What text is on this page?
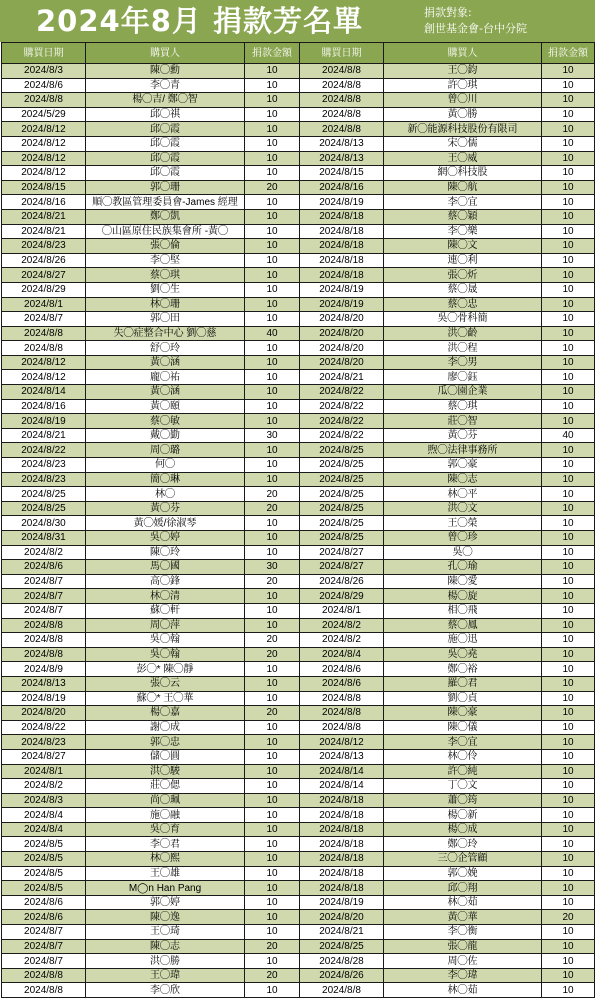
2024年8月 捐款芳名單	捐款對象:
創世基金會-台中分院
購買日期	購買人	捐款金額	購買日期	購買人	捐款金額
2024/8/3	陳◯勳	10	2024/8/8	王◯鈞	10
2024/8/6	李◯青	10	2024/8/8	許◯琪	10
2024/8/8	楊◯吉/ 鄭◯智	10	2024/8/8	曾◯川	10
2024/5/29	邱◯祺	10	2024/8/8	黃◯勝	10
2024/8/12	邱◯霞	10	2024/8/8	新◯能源科技股份有限司	10
2024/8/12	邱◯霞	10	2024/8/13	宋◯儒	10
2024/8/12	邱◯霞	10	2024/8/13	王◯威	10
2024/8/12	邱◯霞	10	2024/8/15	網◯科技股	10
2024/8/15	郭◯珊	20	2024/8/16	陳◯航	10
2024/8/16	順◯教區管理委員會-James 經理	10	2024/8/19	李◯宜	10
2024/8/21	鄭◯凱	10	2024/8/18	蔡◯穎	10
2024/8/21	◯山區原住民族集會所 -黃◯	10	2024/8/18	李◯樂	10
2024/8/23	張◯倫	10	2024/8/18	陳◯文	10
2024/8/26	李◯堅	10	2024/8/18	連◯利	10
2024/8/27	蔡◯琪	10	2024/8/18	張◯炘	10
2024/8/29	劉◯生	10	2024/8/19	蔡◯晟	10
2024/8/1	林◯珊	10	2024/8/19	蔡◯忠	10
2024/8/7	郭◯田	10	2024/8/20	吳◯骨科簡	10
2024/8/8	失◯症整合中心 劉◯慈	40	2024/8/20	洪◯齡	10
2024/8/8	舒◯玲	10	2024/8/20	洪◯程	10
2024/8/12	黃◯涵	10	2024/8/20	李◯男	10
2024/8/12	龐◯祐	10	2024/8/21	廖◯鈺	10
2024/8/14	黃◯涵	10	2024/8/22	瓜◯園企業	10
2024/8/16	黃◯頤	10	2024/8/22	蔡◯琪	10
2024/8/19	蔡◯敏	10	2024/8/22	莊◯智	10
2024/8/21	戴◯勤	30	2024/8/22	黃◯芬	40
2024/8/22	周◯璐	10	2024/8/25	煦◯法律事務所	10
2024/8/23	何◯	10	2024/8/25	郭◯豪	10
2024/8/23	簡◯琳	10	2024/8/25	陳◯志	10
2024/8/25	林◯	20	2024/8/25	林◯平	10
2024/8/25	黃◯芬	20	2024/8/25	洪◯文	10
2024/8/30	黃◯媛/徐淑琴	10	2024/8/25	王◯榮	10
2024/8/31	吳◯婷	10	2024/8/25	曾◯珍	10
2024/8/2	陳◯玲	10	2024/8/27	吳◯	10
2024/8/6	馬◯國	30	2024/8/27	孔◯瑜	10
2024/8/7	高◯鋒	20	2024/8/26	陳◯愛	10
2024/8/7	林◯清	10	2024/8/29	楊◯旋	10
2024/8/7	蘇◯軒	10	2024/8/1	相◯飛	10
2024/8/8	周◯萍	10	2024/8/2	蔡◯鳳	10
2024/8/8	吳◯翰	20	2024/8/2	施◯迅	10
2024/8/8	吳◯翰	20	2024/8/4	吳◯堯	10
2024/8/9	彭◯* 陳◯靜	10	2024/8/6	鄭◯裕	10
2024/8/13	張◯云	10	2024/8/6	羅◯君	10
2024/8/19	蘇◯* 王◯華	10	2024/8/8	劉◯貞	10
2024/8/20	楊◯嘉	20	2024/8/8	陳◯豪	10
2024/8/22	謝◯成	10	2024/8/8	陳◯儀	10
2024/8/23	郭◯忠	10	2024/8/12	李◯宜	10
2024/8/27	儲◯圓	10	2024/8/13	林◯伶	10
2024/8/1	洪◯駿	10	2024/8/14	許◯純	10
2024/8/2	莊◯偲	10	2024/8/14	丁◯文	10
2024/8/3	尚◯珮	10	2024/8/18	蕭◯筠	10
2024/8/4	施◯融	10	2024/8/18	楊◯新	10
2024/8/4	吳◯育	10	2024/8/18	楊◯成	10
2024/8/5	李◯君	10	2024/8/18	鄭◯玲	10
2024/8/5	林◯熙	10	2024/8/18	三◯企管顧	10
2024/8/5	王◯雄	10	2024/8/18	郭◯娩	10
2024/8/5	M◯n Han Pang	10	2024/8/18	邱◯翔	10
2024/8/6	郭◯婷	10	2024/8/19	林◯茹	10
2024/8/6	陳◯逸	10	2024/8/20	黃◯華	20
2024/8/7	王◯琦	10	2024/8/21	李◯衡	10
2024/8/7	陳◯志	20	2024/8/25	張◯龍	10
2024/8/7	洪◯勝	10	2024/8/28	周◯佐	10
2024/8/8	王◯瑋	20	2024/8/26	李◯瑋	10
2024/8/8	李◯欣	10	2024/8/8	林◯茹	10
